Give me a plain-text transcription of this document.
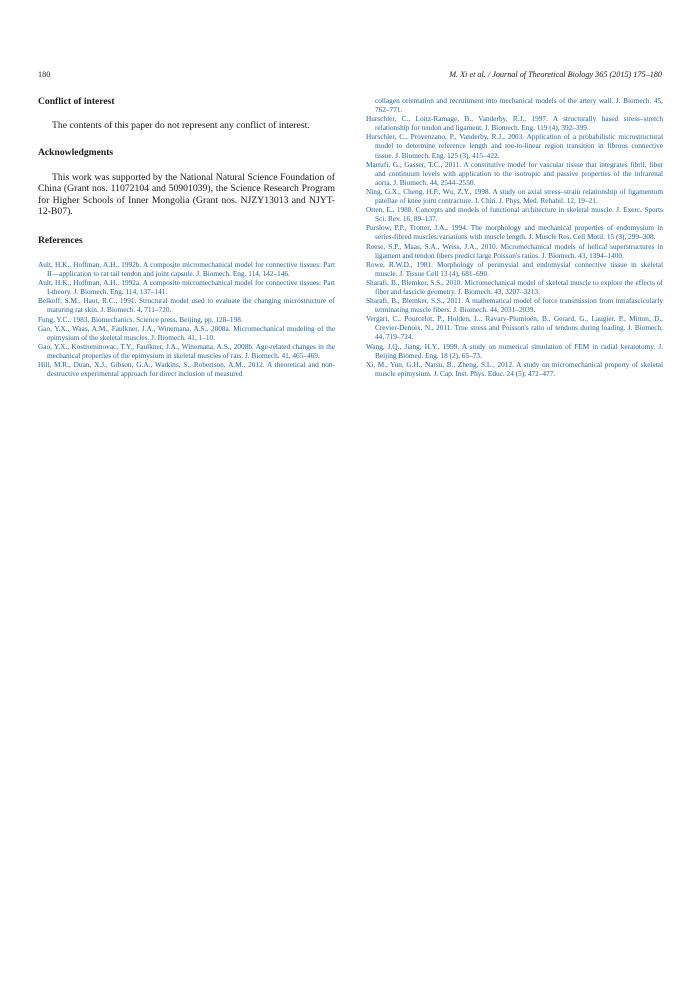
180	M. Xi et al. / Journal of Theoretical Biology 365 (2015) 175–180
Conflict of interest

The contents of this paper do not represent any conflict of interest.

Acknowledgments

This work was supported by the National Natural Science Foundation of China (Grant nos. 11072104 and 50901039), the Science Research Program for Higher Schools of Inner Mongolia (Grant nos. NJZY13013 and NJYT-12-B07).

References

Ault, H.K., Hoffman, A.H., 1992b. A composite micromechanical model for connective tissues: Part II—application to rat tail tendon and joint capsule. J. Biomech. Eng. 114, 142–146.

Ault, H.K., Hoffman, A.H., 1992a. A composite micromechanical model for connective tissues: Part I-theory. J. Biomech. Eng. 114, 137–141.

Belkoff, S.M., Haut, R.C., 1991. Structural model used to evaluate the changing microstructure of maturing rat skin. J. Biomech. 4, 711–720.

Fung, Y.C., 1983. Biomechanics. Science press, Beijing, pp. 128–198.

Gao, Y.X., Waas, A.M., Faulkner, J.A., Winemana, A.S., 2008a. Micromechanical modeling of the epimysium of the skeletal muscles. J. Biomech. 41, 1–10.

Gao, Y.X., Kostrominovac, T.Y., Faulkner, J.A., Winemana, A.S., 2008b. Age-related changes in the mechanical properties of the epimysium in skeletal muscles of rats. J. Biomech. 41, 465–469.

Hill, M.R., Duan, X.J., Gibson, G.A., Watkins, S., Robertson, A.M., 2012. A theoretical and non-destructive experimental approach for direct inclusion of measured

collagen orientation and recruitment into mechanical models of the artery wall. J. Biomech. 45, 762–771.

Hurschler, C., Loitz-Ramage, B., Vanderby, R.J., 1997. A structurally based stress–stretch relationship for tendon and ligament. J. Biomech. Eng. 119 (4), 392–399.

Hurschler, C., Provenzano, P., Vanderby, R.J., 2003. Application of a probabilistic microstructural model to determine reference length and toe-to-linear region transition in fibrous connective tissue. J. Biomech. Eng. 125 (3), 415–422.

Martufi, G., Gasser, T.C., 2011. A constitutive model for vascular tissue that integrates fibril, fiber and continuum levels with application to the isotropic and passive properties of the infrarenal aorta. J. Biomech. 44, 2544–2550.

Ning, G.X., Cheng, H.P., Wu, Z.Y., 1998. A study on axial stress–strain relationship of ligamentum patellae of knee joint contracture. J. Chin. J. Phys. Med. Rehabil. 12, 19–21.

Otten, E., 1988. Concepts and models of functional architecture in skeletal muscle. J. Exerc. Sports Sci. Rev. 16, 89–137.

Purslow, P.P., Trotter, J.A., 1994. The morphology and mechanical properties of endomysium in series-fibred muscles:variations with muscle length. J. Muscle Res. Cell Motil. 15 (3), 299–308.

Reese, S.P., Maas, S.A., Weiss, J.A., 2010. Micromechanical models of helical superstructures in ligament and tendon fibers predict large Poisson's ratios. J. Biomech. 43, 1394–1400.

Rowe, R.W.D., 1981. Morphology of perimysial and endomysial connective tissue in skeletal muscle. J. Tissue Cell 13 (4), 681–690.

Sharafi, B., Blemker, S.S., 2010. Micromechanical model of skeletal muscle to explore the effects of fiber and fascicle geometry. J. Biomech. 43, 3207–3213.

Sharafi, B., Blemker, S.S., 2011. A mathematical model of force transmission from intrafascicularly terminating muscle fibers. J. Biomech. 44, 2031–2039.

Vergari, C., Pourcelot, P., Holden, L., Ravary-Plumioën, B., Gerard, G., Laugier, P., Mitton, D., Crevier-Denoix, N., 2011. True stress and Poisson's ratio of tendons during loading. J. Biomech. 44, 719–724.

Wang, J.Q., Jiang, H.Y., 1999. A study on numerical simulation of FEM in radial keratotomy. J. Beijing Biomed. Eng. 18 (2), 65–73.

Xi, M., Yun, G.H., Narsu, B., Zheng, S.L., 2012. A study on micromechanical property of skeletal muscle epimysium. J. Cap. Inst. Phys. Educ. 24 (5), 472–477.
